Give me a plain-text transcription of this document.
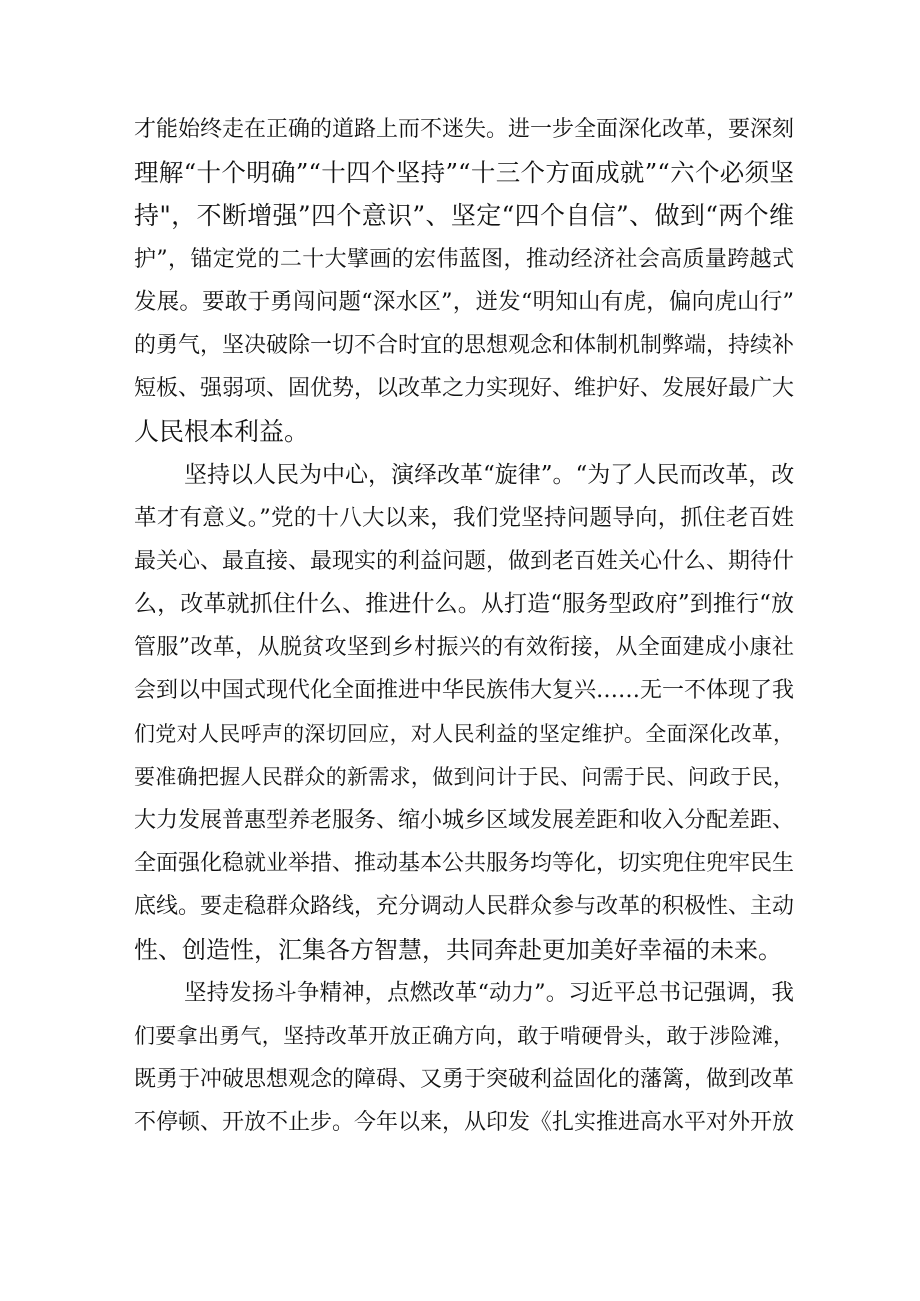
才能始终走在正确的道路上而不迷失。进一步全面深化改革，要深刻
理解“十个明确”“十四个坚持”“十三个方面成就”“六个必须坚
持"，不断增强”四个意识”、坚定“四个自信”、做到“两个维
护”，锚定党的二十大擘画的宏伟蓝图，推动经济社会高质量跨越式
发展。要敢于勇闯问题“深水区”，迸发“明知山有虎，偏向虎山行”
的勇气，坚决破除一切不合时宜的思想观念和体制机制弊端，持续补
短板、强弱项、固优势，以改革之力实现好、维护好、发展好最广大
人民根本利益。
坚持以人民为中心，演绎改革“旋律”。“为了人民而改革，改
革才有意义。”党的十八大以来，我们党坚持问题导向，抓住老百姓
最关心、最直接、最现实的利益问题，做到老百姓关心什么、期待什
么，改革就抓住什么、推进什么。从打造“服务型政府”到推行“放
管服”改革，从脱贫攻坚到乡村振兴的有效衔接，从全面建成小康社
会到以中国式现代化全面推进中华民族伟大复兴……无一不体现了我
们党对人民呼声的深切回应，对人民利益的坚定维护。全面深化改革，
要准确把握人民群众的新需求，做到问计于民、问需于民、问政于民，
大力发展普惠型养老服务、缩小城乡区域发展差距和收入分配差距、
全面强化稳就业举措、推动基本公共服务均等化，切实兜住兜牢民生
底线。要走稳群众路线，充分调动人民群众参与改革的积极性、主动
性、创造性，汇集各方智慧，共同奔赴更加美好幸福的未来。
坚持发扬斗争精神，点燃改革“动力”。习近平总书记强调，我
们要拿出勇气，坚持改革开放正确方向，敢于啃硬骨头，敢于涉险滩，
既勇于冲破思想观念的障碍、又勇于突破利益固化的藩篱，做到改革
不停顿、开放不止步。今年以来，从印发《扎实推进高水平对外开放
